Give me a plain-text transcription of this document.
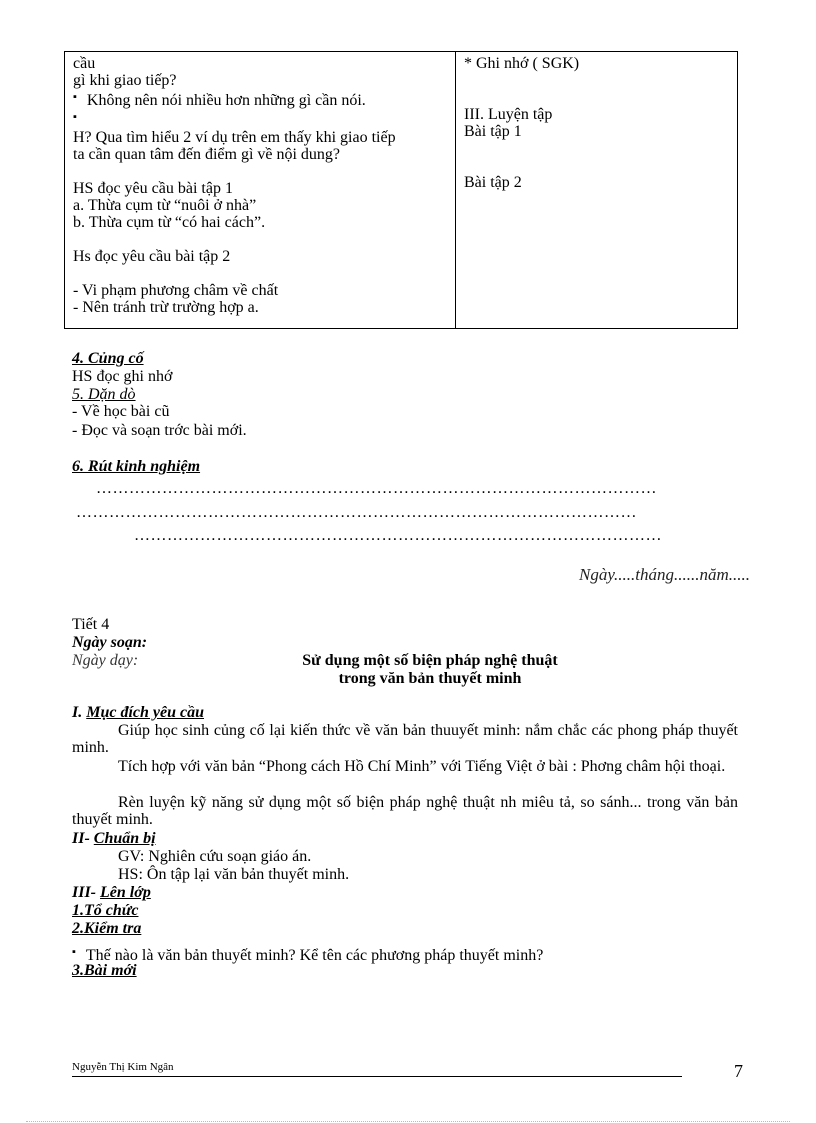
cầu
gì khi giao tiếp?
▪ Không nên nói nhiều hơn những gì cần nói.
▪
H? Qua tìm hiểu 2 ví dụ trên em thấy khi giao tiếp
ta cần quan tâm đến điểm gì về nội dung?
HS đọc yêu cầu bài tập 1
a. Thừa cụm từ “nuôi ở nhà”
b. Thừa cụm từ “có hai cách”.
Hs đọc yêu cầu bài tập 2
- Vi phạm phương châm về chất
- Nên tránh trừ trường hợp a.

* Ghi nhớ ( SGK)
III. Luyện tập
Bài tập 1
Bài tập 2
4. Củng cố
HS đọc ghi nhớ
5. Dặn dò
- Về học bài cũ
- Đọc và soạn trớc bài mới.
6. Rút kinh nghiệm
…………………………………………………………………………………………
…………………………………………………………………………………………
……………………………………………………………………………………
Ngày.....tháng......năm.....
Tiết 4
Ngày soạn:
Ngày dạy:	Sử dụng một số biện pháp nghệ thuật
trong văn bản thuyết minh
I. Mục đích yêu cầu
Giúp học sinh củng cố lại kiến thức về văn bản thuuyết minh: nắm chắc các phong pháp thuyết minh.
Tích hợp với văn bản “Phong cách Hồ Chí Minh” với Tiếng Việt ở bài : Phơng châm hội thoại.
Rèn luyện kỹ năng sử dụng một số biện pháp nghệ thuật nh miêu tả, so sánh... trong văn bản thuyết minh.
II- Chuẩn bị
GV: Nghiên cứu soạn giáo án.
HS: Ôn tập lại văn bản thuyết minh.
III- Lên lớp
1.Tổ chức
2.Kiểm tra
▪ Thế nào là văn bản thuyết minh? Kể tên các phương pháp thuyết minh?
3.Bài mới
Nguyễn Thị Kim Ngân	7
